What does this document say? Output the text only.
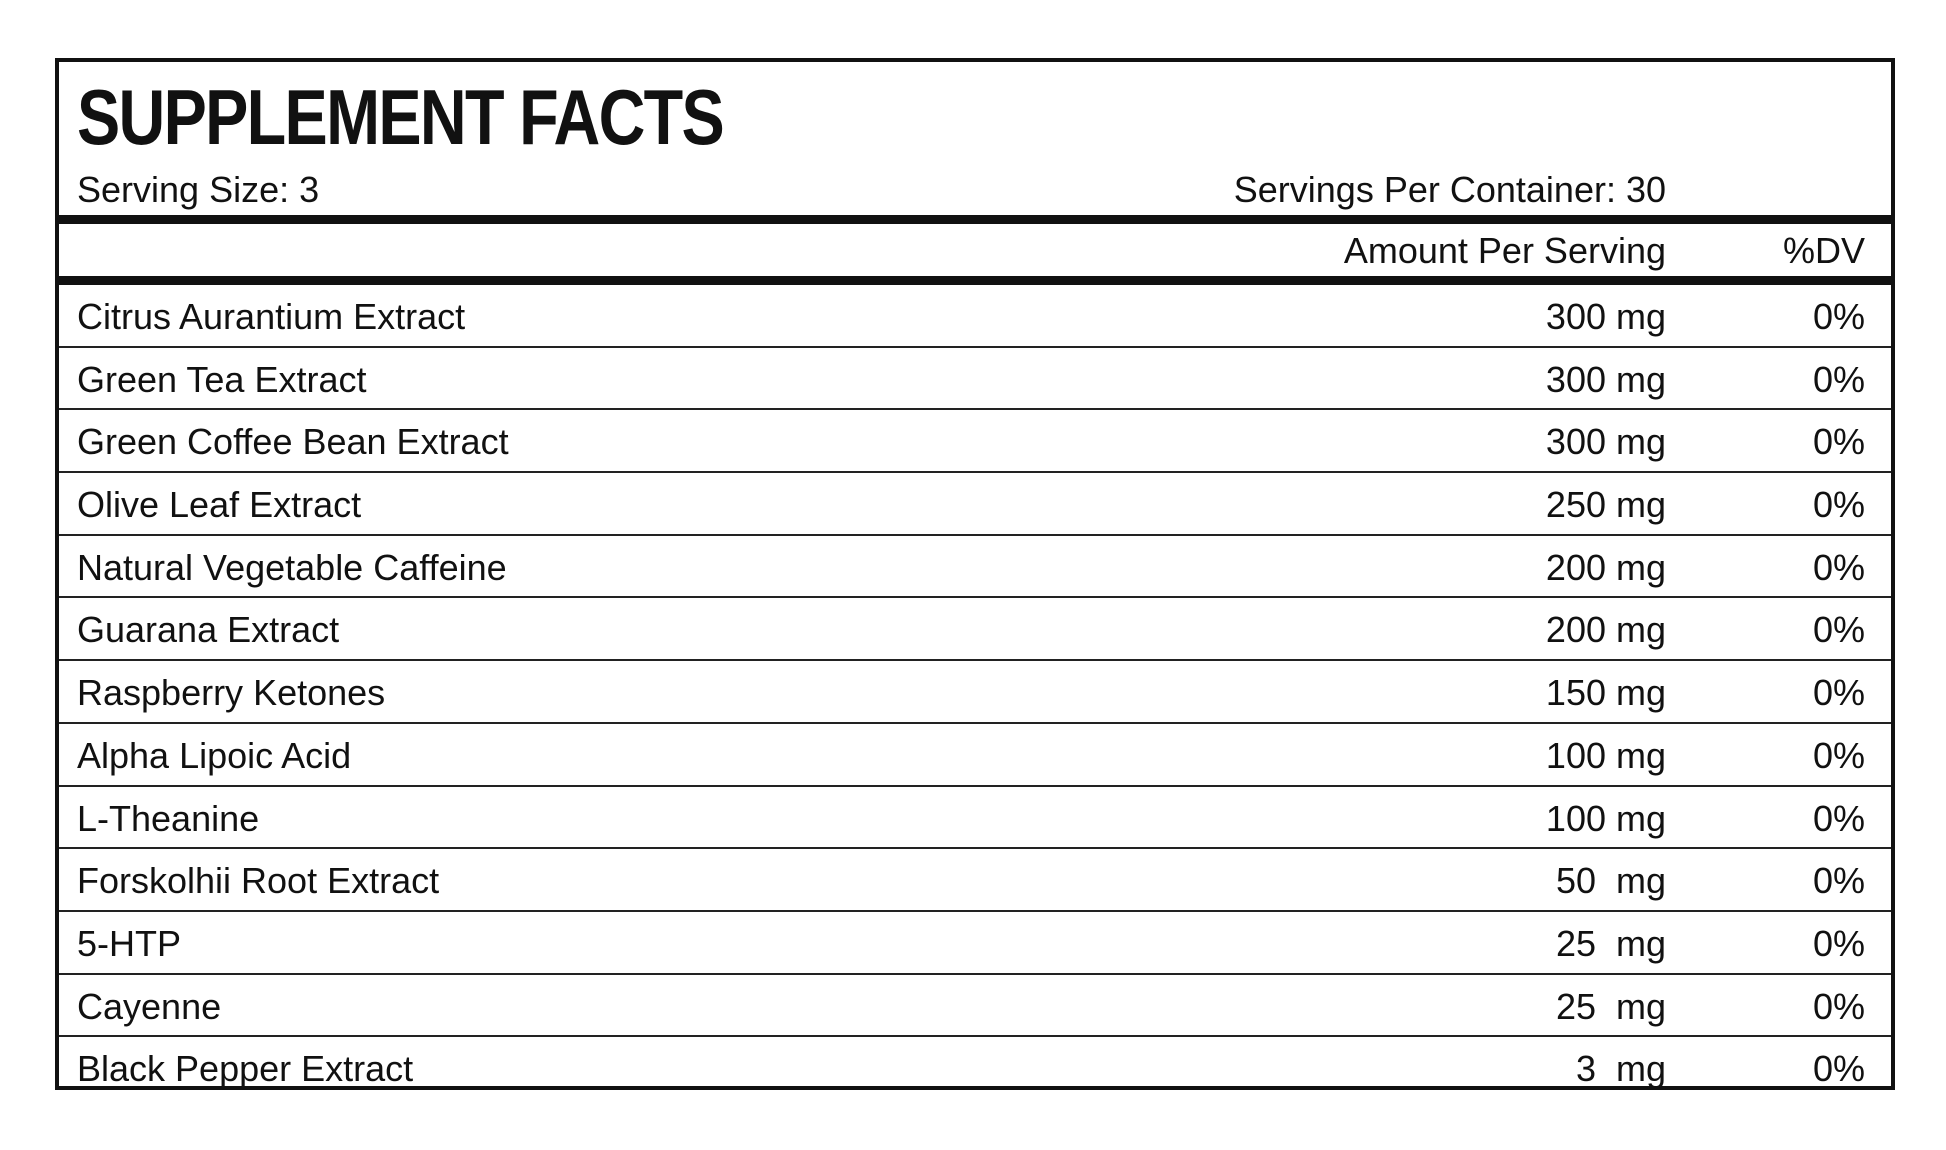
SUPPLEMENT FACTS
Serving Size: 3	Servings Per Container: 30
Amount Per Serving	%DV
Citrus Aurantium Extract	300 mg	0%
Green Tea Extract	300 mg	0%
Green Coffee Bean Extract	300 mg	0%
Olive Leaf Extract	250 mg	0%
Natural Vegetable Caffeine	200 mg	0%
Guarana Extract	200 mg	0%
Raspberry Ketones	150 mg	0%
Alpha Lipoic Acid	100 mg	0%
L-Theanine	100 mg	0%
Forskolhii Root Extract	50  mg	0%
5-HTP	25  mg	0%
Cayenne	25  mg	0%
Black Pepper Extract	3  mg	0%
